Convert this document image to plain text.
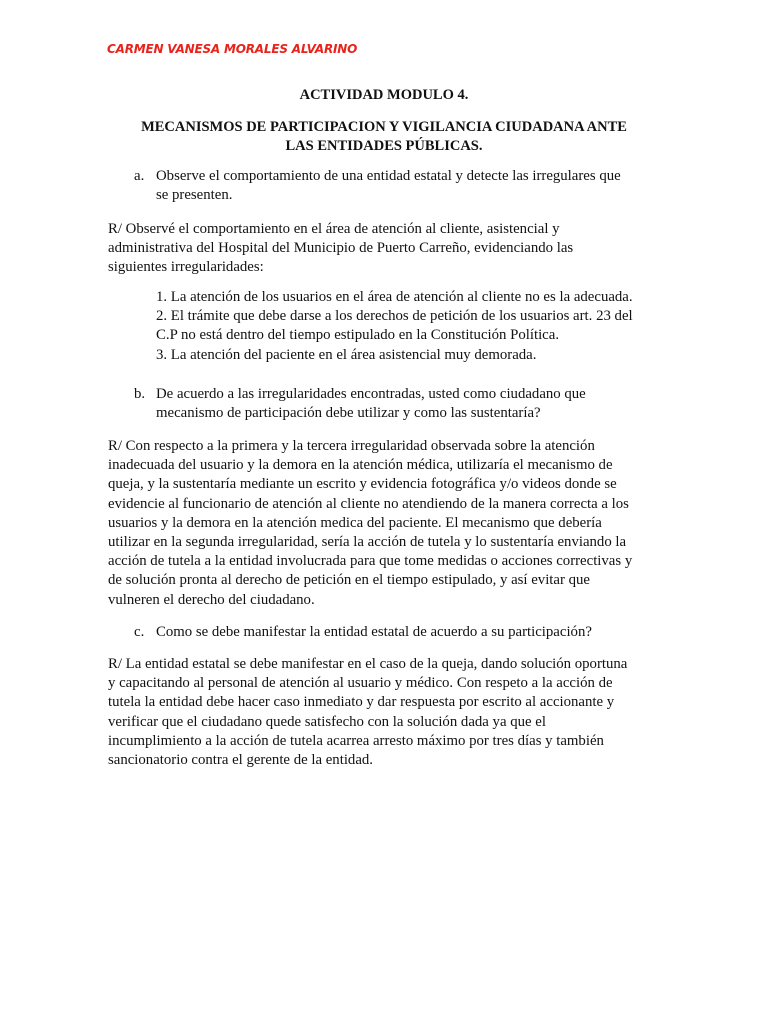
CARMEN VANESA MORALES ALVARINO
ACTIVIDAD MODULO 4.
MECANISMOS DE PARTICIPACION Y VIGILANCIA CIUDADANA ANTE
LAS ENTIDADES PÚBLICAS.
a. Observe el comportamiento de una entidad estatal y detecte las irregulares que
se presenten.
R/ Observé el comportamiento en el área de atención al cliente, asistencial y
administrativa del Hospital del Municipio de Puerto Carreño, evidenciando las
siguientes irregularidades:
1. La atención de los usuarios en el área de atención al cliente no es la adecuada.
2. El trámite que debe darse a los derechos de petición de los usuarios art. 23 del
C.P no está dentro del tiempo estipulado en la Constitución Política.
3. La atención del paciente en el área asistencial muy demorada.
b. De acuerdo a las irregularidades encontradas, usted como ciudadano que
mecanismo de participación debe utilizar y como las sustentaría?
R/ Con respecto a la primera y la tercera irregularidad observada sobre la atención
inadecuada del usuario y la demora en la atención médica, utilizaría el mecanismo de
queja, y la sustentaría mediante un escrito y evidencia fotográfica y/o videos donde se
evidencie al funcionario de atención al cliente no atendiendo de la manera correcta a los
usuarios y la demora en la atención medica del paciente. El mecanismo que debería
utilizar en la segunda irregularidad, sería la acción de tutela y lo sustentaría enviando la
acción de tutela a la entidad involucrada para que tome medidas o acciones correctivas y
de solución pronta al derecho de petición en el tiempo estipulado, y así evitar que
vulneren el derecho del ciudadano.
c. Como se debe manifestar la entidad estatal de acuerdo a su participación?
R/ La entidad estatal se debe manifestar en el caso de la queja, dando solución oportuna
y capacitando al personal de atención al usuario y médico. Con respeto a la acción de
tutela la entidad debe hacer caso inmediato y dar respuesta por escrito al accionante y
verificar que el ciudadano quede satisfecho con la solución dada ya que el
incumplimiento a la acción de tutela acarrea arresto máximo por tres días y también
sancionatorio contra el gerente de la entidad.
